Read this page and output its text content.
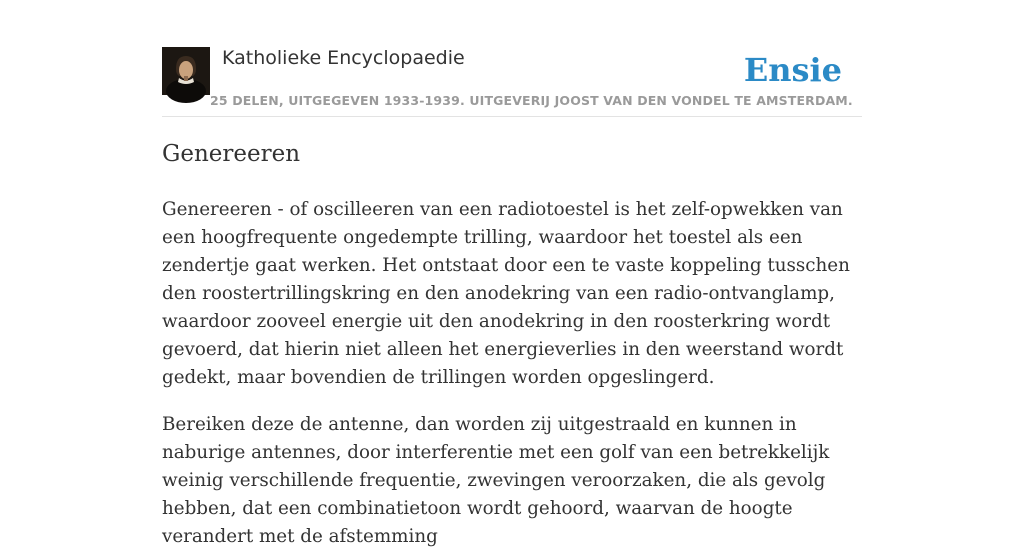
Katholieke Encyclopaedie
25 DELEN, UITGEGEVEN 1933-1939. UITGEVERIJ JOOST VAN DEN VONDEL TE AMSTERDAM.
Ensie
Genereeren

Genereeren - of oscilleeren van een radiotoestel is het zelf-opwekken van een hoogfrequente ongedempte trilling, waardoor het toestel als een zendertje gaat werken. Het ontstaat door een te vaste koppeling tusschen den roostertrillingskring en den anodekring van een radio-ontvanglamp, waardoor zooveel energie uit den anodekring in den roosterkring wordt gevoerd, dat hierin niet alleen het energieverlies in den weerstand wordt gedekt, maar bovendien de trillingen worden opgeslingerd.

Bereiken deze de antenne, dan worden zij uitgestraald en kunnen in naburige antennes, door interferentie met een golf van een betrekkelijk weinig verschillende frequentie, zwevingen veroorzaken, die als gevolg hebben, dat een combinatietoon wordt gehoord, waarvan de hoogte verandert met de afstemming
